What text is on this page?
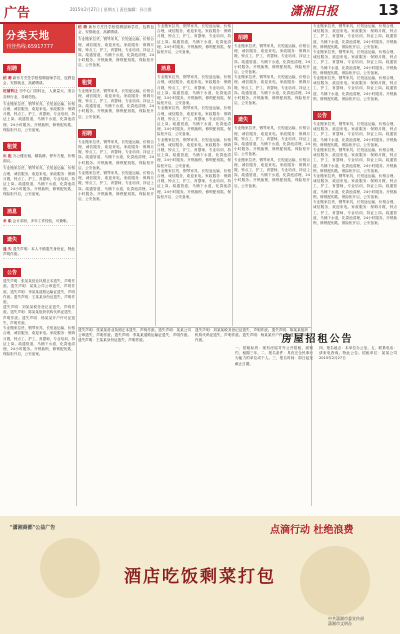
广告	2015年2月27日 | 星期五 | 责任编辑：孙立群	潇湘日报	13
分类天地
刊登热线:65917777
招聘
招 聘 新东方烹饪学校招聘厨师学员，包教包会，安排就业，高薪聘请。
旺铺转让 市中心门面转让，人流量大，适合各种行业，非诚勿扰。
专业搬家拉货，钢琴家具，长短途运输，价格合理，诚信服务，欢迎来电。家政服务：保姆月嫂，钟点工，护工，育婴师，专业培训，持证上岗。疏通管道，马桶下水道，化粪池清理，24小时服务。开锁换锁，修锁配钥匙，保险柜开启，公安备案。
租赁
出 租 办公楼出租，精装修，停车方便，价格面议。
专业搬家拉货，钢琴家具，长短途运输，价格合理，诚信服务，欢迎来电。家政服务：保姆月嫂，钟点工，护工，育婴师，专业培训，持证上岗。疏通管道，马桶下水道，化粪池清理，24小时服务。开锁换锁，修锁配钥匙，保险柜开启，公安备案。
消息
求 职 会计求职，多年工作经验，可兼职。
遗失
遗 失 遗失声明：本人不慎遗失身份证，特此声明作废。
公告
遗失声明：张某某营业执照正本遗失，声明作废。遗失声明：某某公司公章遗失，声明作废。遗失声明：李某某道路运输证遗失，声明作废。遗失声明：王某某身份证遗失，声明作废。
遗失声明：刘某某税务登记证遗失，声明作废。遗失声明：陈某某组织机构代码证遗失，声明作废。遗失声明：杨某某开户许可证遗失，声明作废。
专业搬家拉货，钢琴家具，长短途运输，价格合理，诚信服务，欢迎来电。家政服务：保姆月嫂，钟点工，护工，育婴师，专业培训，持证上岗。疏通管道，马桶下水道，化粪池清理，24小时服务。开锁换锁，修锁配钥匙，保险柜开启，公安备案。
招 聘 新东方烹饪学校招聘厨师学员，包教包会，安排就业，高薪聘请。
专业搬家拉货，钢琴家具，长短途运输，价格合理，诚信服务，欢迎来电。家政服务：保姆月嫂，钟点工，护工，育婴师，专业培训，持证上岗。疏通管道，马桶下水道，化粪池清理，24小时服务。开锁换锁，修锁配钥匙，保险柜开启，公安备案。
租赁
专业搬家拉货，钢琴家具，长短途运输，价格合理，诚信服务，欢迎来电。家政服务：保姆月嫂，钟点工，护工，育婴师，专业培训，持证上岗。疏通管道，马桶下水道，化粪池清理，24小时服务。开锁换锁，修锁配钥匙，保险柜开启，公安备案。
招聘
专业搬家拉货，钢琴家具，长短途运输，价格合理，诚信服务，欢迎来电。家政服务：保姆月嫂，钟点工，护工，育婴师，专业培训，持证上岗。疏通管道，马桶下水道，化粪池清理，24小时服务。开锁换锁，修锁配钥匙，保险柜开启，公安备案。
专业搬家拉货，钢琴家具，长短途运输，价格合理，诚信服务，欢迎来电。家政服务：保姆月嫂，钟点工，护工，育婴师，专业培训，持证上岗。疏通管道，马桶下水道，化粪池清理，24小时服务。开锁换锁，修锁配钥匙，保险柜开启，公安备案。
专业搬家拉货，钢琴家具，长短途运输，价格合理，诚信服务，欢迎来电。家政服务：保姆月嫂，钟点工，护工，育婴师，专业培训，持证上岗。疏通管道，马桶下水道，化粪池清理，24小时服务。开锁换锁，修锁配钥匙，保险柜开启，公安备案。
消息
专业搬家拉货，钢琴家具，长短途运输，价格合理，诚信服务，欢迎来电。家政服务：保姆月嫂，钟点工，护工，育婴师，专业培训，持证上岗。疏通管道，马桶下水道，化粪池清理，24小时服务。开锁换锁，修锁配钥匙，保险柜开启，公安备案。
专业搬家拉货，钢琴家具，长短途运输，价格合理，诚信服务，欢迎来电。家政服务：保姆月嫂，钟点工，护工，育婴师，专业培训，持证上岗。疏通管道，马桶下水道，化粪池清理，24小时服务。开锁换锁，修锁配钥匙，保险柜开启，公安备案。
专业搬家拉货，钢琴家具，长短途运输，价格合理，诚信服务，欢迎来电。家政服务：保姆月嫂，钟点工，护工，育婴师，专业培训，持证上岗。疏通管道，马桶下水道，化粪池清理，24小时服务。开锁换锁，修锁配钥匙，保险柜开启，公安备案。
专业搬家拉货，钢琴家具，长短途运输，价格合理，诚信服务，欢迎来电。家政服务：保姆月嫂，钟点工，护工，育婴师，专业培训，持证上岗。疏通管道，马桶下水道，化粪池清理，24小时服务。开锁换锁，修锁配钥匙，保险柜开启，公安备案。
招聘
专业搬家拉货，钢琴家具，长短途运输，价格合理，诚信服务，欢迎来电。家政服务：保姆月嫂，钟点工，护工，育婴师，专业培训，持证上岗。疏通管道，马桶下水道，化粪池清理，24小时服务。开锁换锁，修锁配钥匙，保险柜开启，公安备案。
专业搬家拉货，钢琴家具，长短途运输，价格合理，诚信服务，欢迎来电。家政服务：保姆月嫂，钟点工，护工，育婴师，专业培训，持证上岗。疏通管道，马桶下水道，化粪池清理，24小时服务。开锁换锁，修锁配钥匙，保险柜开启，公安备案。
遗失
专业搬家拉货，钢琴家具，长短途运输，价格合理，诚信服务，欢迎来电。家政服务：保姆月嫂，钟点工，护工，育婴师，专业培训，持证上岗。疏通管道，马桶下水道，化粪池清理，24小时服务。开锁换锁，修锁配钥匙，保险柜开启，公安备案。
专业搬家拉货，钢琴家具，长短途运输，价格合理，诚信服务，欢迎来电。家政服务：保姆月嫂，钟点工，护工，育婴师，专业培训，持证上岗。疏通管道，马桶下水道，化粪池清理，24小时服务。开锁换锁，修锁配钥匙，保险柜开启，公安备案。
专业搬家拉货，钢琴家具，长短途运输，价格合理，诚信服务，欢迎来电。家政服务：保姆月嫂，钟点工，护工，育婴师，专业培训，持证上岗。疏通管道，马桶下水道，化粪池清理，24小时服务。开锁换锁，修锁配钥匙，保险柜开启，公安备案。
专业搬家拉货，钢琴家具，长短途运输，价格合理，诚信服务，欢迎来电。家政服务：保姆月嫂，钟点工，护工，育婴师，专业培训，持证上岗。疏通管道，马桶下水道，化粪池清理，24小时服务。开锁换锁，修锁配钥匙，保险柜开启，公安备案。
专业搬家拉货，钢琴家具，长短途运输，价格合理，诚信服务，欢迎来电。家政服务：保姆月嫂，钟点工，护工，育婴师，专业培训，持证上岗。疏通管道，马桶下水道，化粪池清理，24小时服务。开锁换锁，修锁配钥匙，保险柜开启，公安备案。
公告
专业搬家拉货，钢琴家具，长短途运输，价格合理，诚信服务，欢迎来电。家政服务：保姆月嫂，钟点工，护工，育婴师，专业培训，持证上岗。疏通管道，马桶下水道，化粪池清理，24小时服务。开锁换锁，修锁配钥匙，保险柜开启，公安备案。
专业搬家拉货，钢琴家具，长短途运输，价格合理，诚信服务，欢迎来电。家政服务：保姆月嫂，钟点工，护工，育婴师，专业培训，持证上岗。疏通管道，马桶下水道，化粪池清理，24小时服务。开锁换锁，修锁配钥匙，保险柜开启，公安备案。
专业搬家拉货，钢琴家具，长短途运输，价格合理，诚信服务，欢迎来电。家政服务：保姆月嫂，钟点工，护工，育婴师，专业培训，持证上岗。疏通管道，马桶下水道，化粪池清理，24小时服务。开锁换锁，修锁配钥匙，保险柜开启，公安备案。
专业搬家拉货，钢琴家具，长短途运输，价格合理，诚信服务，欢迎来电。家政服务：保姆月嫂，钟点工，护工，育婴师，专业培训，持证上岗。疏通管道，马桶下水道，化粪池清理，24小时服务。开锁换锁，修锁配钥匙，保险柜开启，公安备案。
遗失声明：张某某营业执照正本遗失，声明作废。遗失声明：某某公司公章遗失，声明作废。遗失声明：李某某道路运输证遗失，声明作废。遗失声明：王某某身份证遗失，声明作废。
遗失声明：刘某某税务登记证遗失，声明作废。遗失声明：陈某某组织机构代码证遗失，声明作废。遗失声明：杨某某开户许可证遗失，声明作废。	房屋招租公告
一、招租标的：现有房屋对外公开招租，面积约，租期三年。二、报名条件：具有完全民事行为能力的单位或个人。三、报名时间：即日起至截止日期。
四、报名地点：本单位办公室。五、联系电话：请来电咨询。特此公告。招租单位：某某公司 2015年2月27日
"潇湘商都"公益广告	点滴行动 杜绝浪费
酒店吃饭剩菜打包
中共潇湘市委宣传部
潇湘市文明办
